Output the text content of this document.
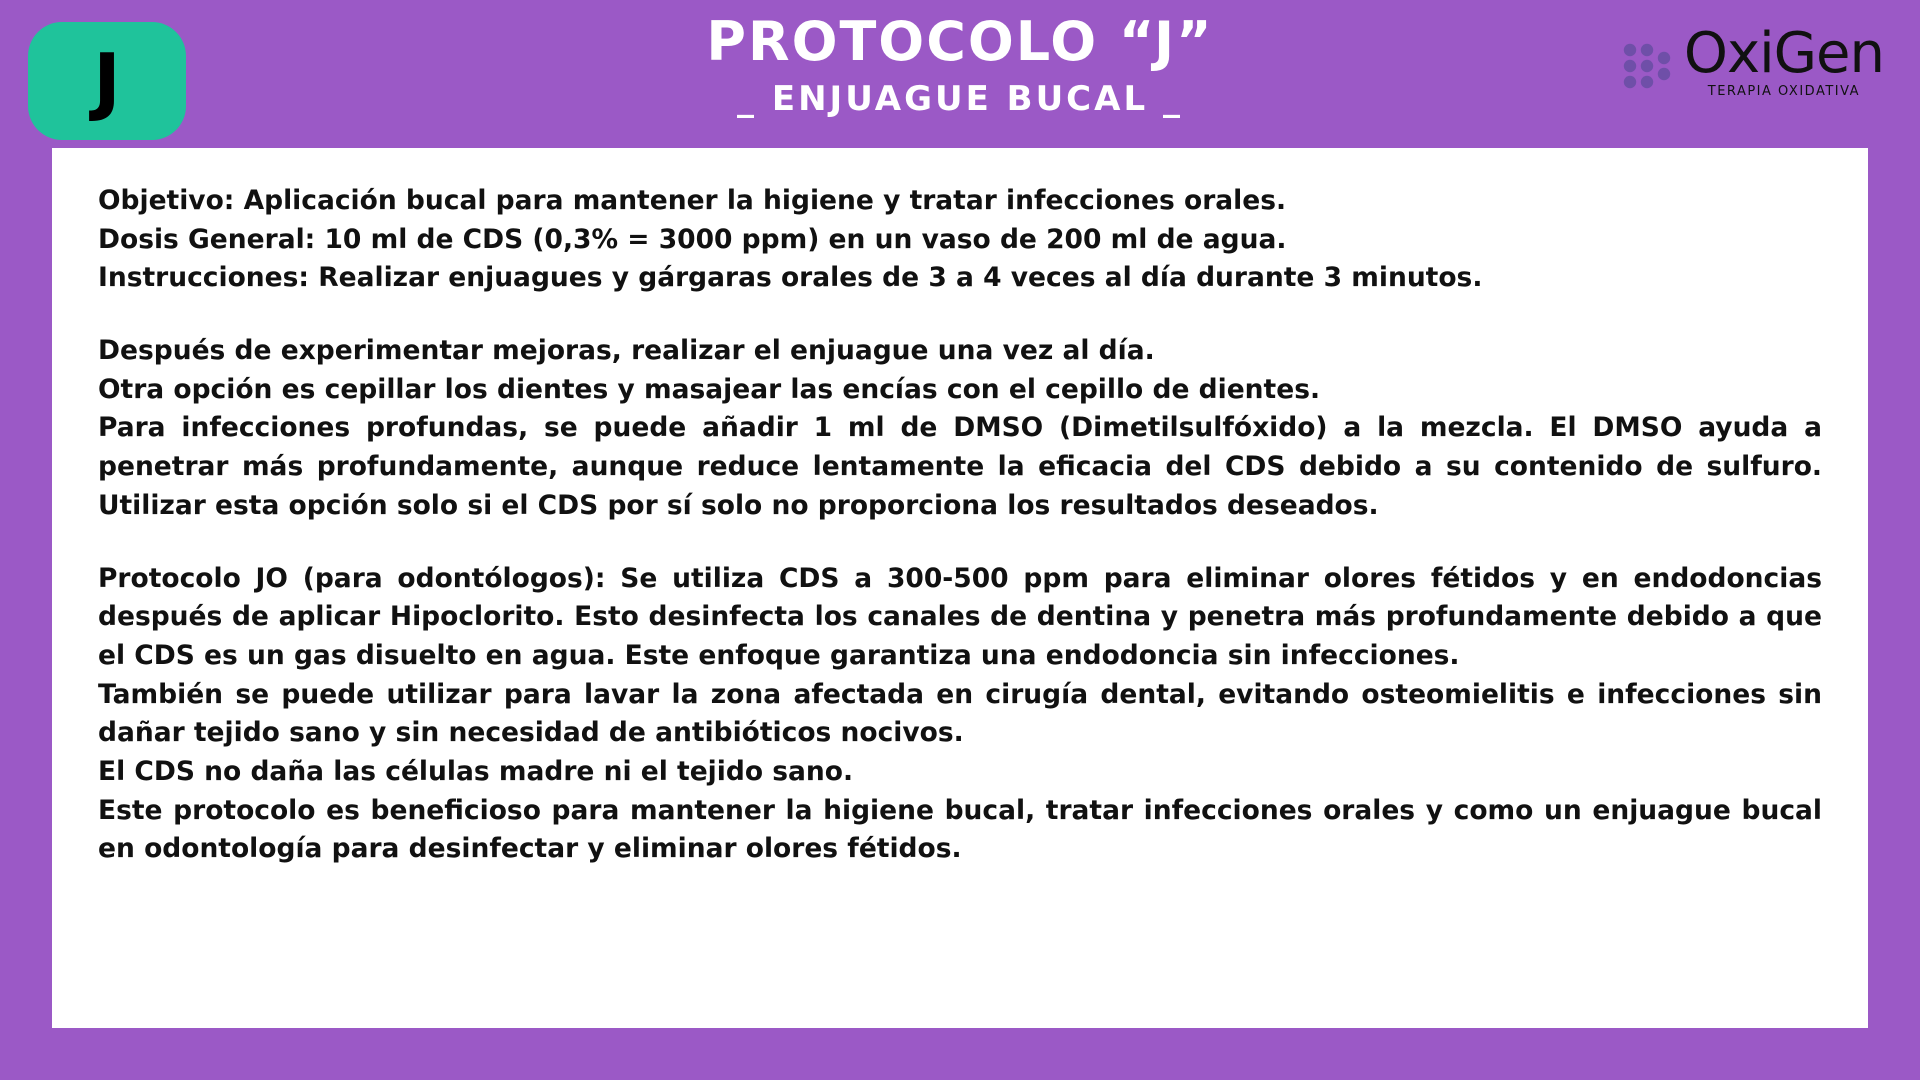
J	PROTOCOLO “J”
_ ENJUAGUE BUCAL _
OxiGen
TERAPIA OXIDATIVA

Objetivo: Aplicación bucal para mantener la higiene y tratar infecciones orales.

Dosis General: 10 ml de CDS (0,3% = 3000 ppm) en un vaso de 200 ml de agua.

Instrucciones: Realizar enjuagues y gárgaras orales de 3 a 4 veces al día durante 3 minutos.

Después de experimentar mejoras, realizar el enjuague una vez al día.

Otra opción es cepillar los dientes y masajear las encías con el cepillo de dientes.

Para infecciones profundas, se puede añadir 1 ml de DMSO (Dimetilsulfóxido) a la mezcla. El DMSO ayuda a penetrar más profundamente, aunque reduce lentamente la eficacia del CDS debido a su contenido de sulfuro. Utilizar esta opción solo si el CDS por sí solo no proporciona los resultados deseados.

Protocolo JO (para odontólogos): Se utiliza CDS a 300-500 ppm para eliminar olores fétidos y en endodoncias después de aplicar Hipoclorito. Esto desinfecta los canales de dentina y penetra más profundamente debido a que el CDS es un gas disuelto en agua. Este enfoque garantiza una endodoncia sin infecciones.

También se puede utilizar para lavar la zona afectada en cirugía dental, evitando osteomielitis e infecciones sin dañar tejido sano y sin necesidad de antibióticos nocivos.

El CDS no daña las células madre ni el tejido sano.

Este protocolo es beneficioso para mantener la higiene bucal, tratar infecciones orales y como un enjuague bucal en odontología para desinfectar y eliminar olores fétidos.
